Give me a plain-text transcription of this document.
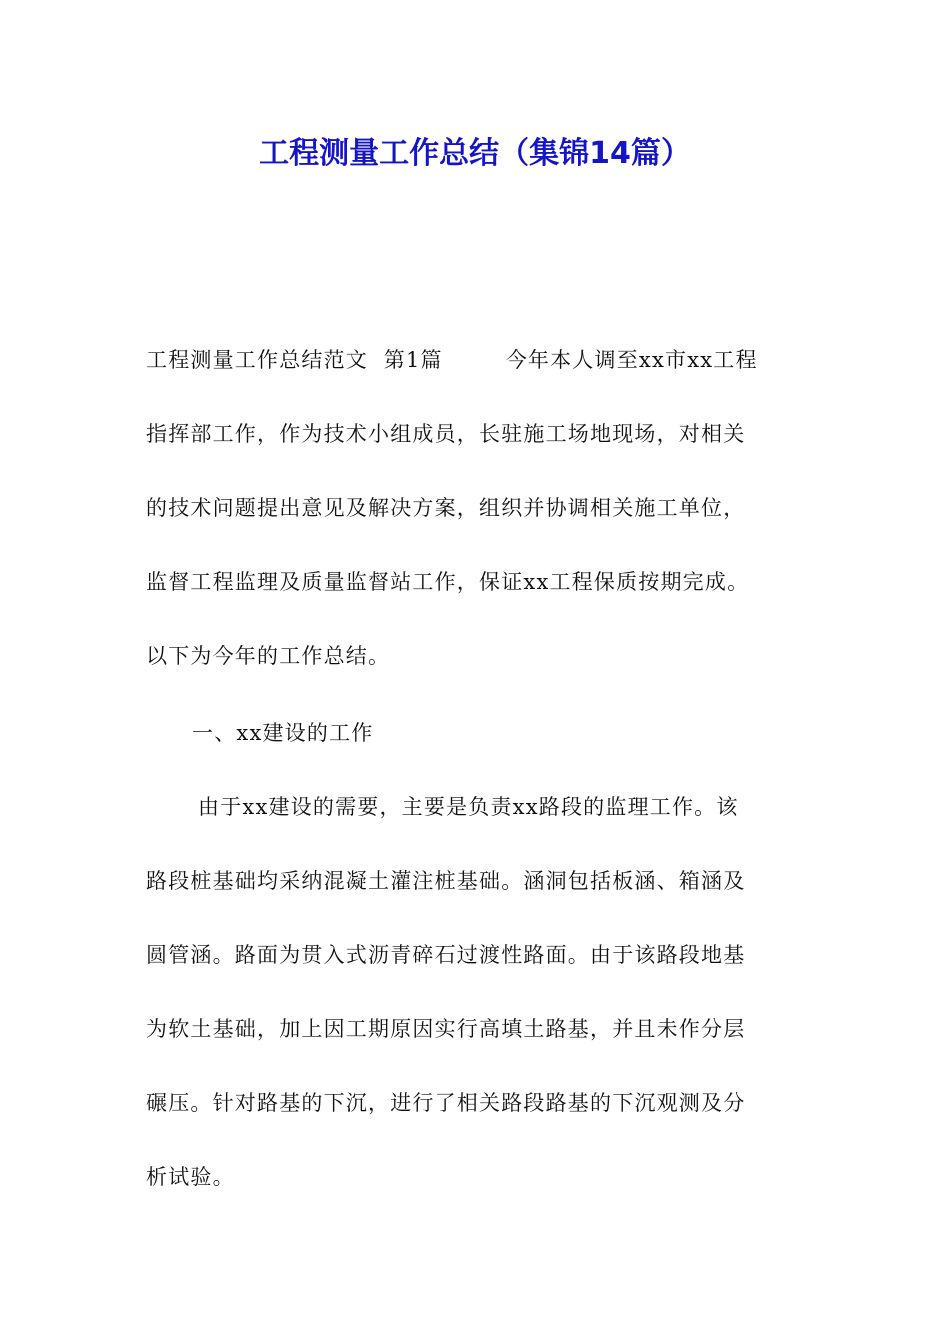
工程测量工作总结（集锦14篇）
工程测量工作总结范文  第1篇        今年本人调至xx市xx工程
指挥部工作，作为技术小组成员，长驻施工场地现场，对相关
的技术问题提出意见及解决方案，组织并协调相关施工单位，
监督工程监理及质量监督站工作，保证xx工程保质按期完成。
以下为今年的工作总结。
一、xx建设的工作
由于xx建设的需要，主要是负责xx路段的监理工作。该
路段桩基础均采纳混凝土灌注桩基础。涵洞包括板涵、箱涵及
圆管涵。路面为贯入式沥青碎石过渡性路面。由于该路段地基
为软土基础，加上因工期原因实行高填土路基，并且未作分层
碾压。针对路基的下沉，进行了相关路段路基的下沉观测及分
析试验。
